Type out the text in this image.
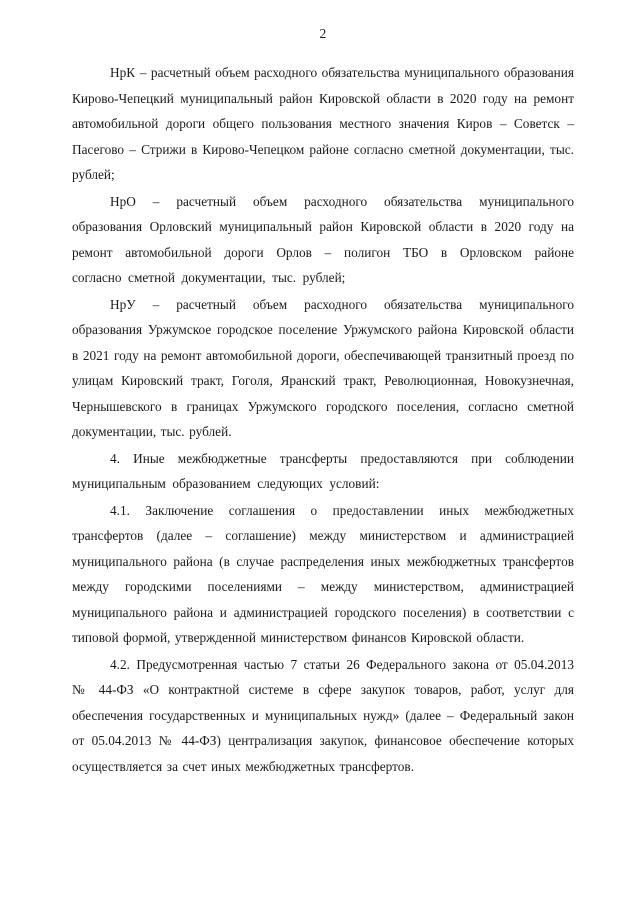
2

НрК – расчетный объем расходного обязательства муниципального образования Кирово-Чепецкий муниципальный район Кировской области в 2020 году на ремонт автомобильной дороги общего пользования местного значения Киров – Советск – Пасегово – Стрижи в Кирово-Чепецком районе согласно сметной документации, тыс. рублей;

НрО – расчетный объем расходного обязательства муниципального образования Орловский муниципальный район Кировской области в 2020 году на ремонт автомобильной дороги Орлов – полигон ТБО в Орловском районе согласно сметной документации, тыс. рублей;

НрУ – расчетный объем расходного обязательства муниципального образования Уржумское городское поселение Уржумского района Кировской области в 2021 году на ремонт автомобильной дороги, обеспечивающей транзитный проезд по улицам Кировский тракт, Гоголя, Яранский тракт, Революционная, Новокузнечная, Чернышевского в границах Уржумского городского поселения, согласно сметной документации, тыс. рублей.

4. Иные межбюджетные трансферты предоставляются при соблюдении муниципальным образованием следующих условий:

4.1. Заключение соглашения о предоставлении иных межбюджетных трансфертов (далее – соглашение) между министерством и администрацией муниципального района (в случае распределения иных межбюджетных трансфертов между городскими поселениями – между министерством, администрацией муниципального района и администрацией городского поселения) в соответствии с типовой формой, утвержденной министерством финансов Кировской области.

4.2. Предусмотренная частью 7 статьи 26 Федерального закона от 05.04.2013 № 44-ФЗ «О контрактной системе в сфере закупок товаров, работ, услуг для обеспечения государственных и муниципальных нужд» (далее – Федеральный закон от 05.04.2013 № 44-ФЗ) централизация закупок, финансовое обеспечение которых осуществляется за счет иных межбюджетных трансфертов.
